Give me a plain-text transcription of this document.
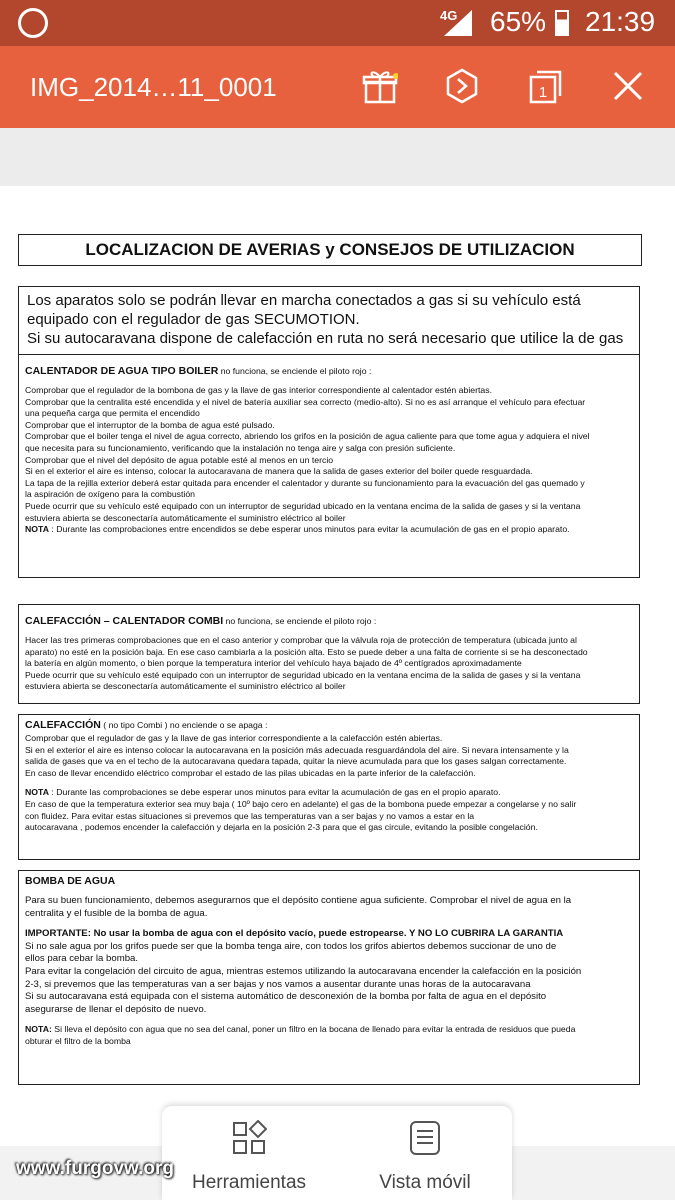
4G 65% 21:39
IMG_2014…11_0001	1
LOCALIZACION DE AVERIAS y CONSEJOS DE UTILIZACION
Los aparatos solo se podrán llevar en marcha conectados a gas si su vehículo está
equipado con el regulador de gas SECUMOTION.
Si su autocaravana dispone de calefacción en ruta no será necesario que utilice la de gas
CALENTADOR DE AGUA TIPO BOILER no funciona, se enciende el piloto rojo :
Comprobar que el regulador de la bombona de gas y la llave de gas interior correspondiente al calentador estén abiertas.
Comprobar que la centralita esté encendida y el nivel de batería auxiliar sea correcto (medio-alto). Si no es así arranque el vehículo para efectuar
una pequeña carga que permita el encendido
Comprobar que el interruptor de la bomba de agua esté pulsado.
Comprobar que el boiler tenga el nivel de agua correcto, abriendo los grifos en la posición de agua caliente para que tome agua y adquiera el nivel
que necesita para su funcionamiento, verificando que la instalación no tenga aire y salga con presión suficiente.
Comprobar que el nivel del depósito de agua potable esté al menos en un tercio
Si en el exterior el aire es intenso, colocar la autocaravana de manera que la salida de gases exterior del boiler quede resguardada.
La tapa de la rejilla exterior deberá estar quitada para encender el calentador y durante su funcionamiento para la evacuación del gas quemado y
la aspiración de oxígeno para la combustión
Puede ocurrir que su vehículo esté equipado con un interruptor de seguridad ubicado en la ventana encima de la salida de gases y si la ventana
estuviera abierta se desconectaría automáticamente el suministro eléctrico al boiler
NOTA : Durante las comprobaciones entre encendidos se debe esperar unos minutos para evitar la acumulación de gas en el propio aparato.
CALEFACCIÓN – CALENTADOR COMBI no funciona, se enciende el piloto rojo :
Hacer las tres primeras comprobaciones que en el caso anterior y comprobar que la válvula roja de protección de temperatura (ubicada junto al
aparato) no esté en la posición baja. En ese caso cambiarla a la posición alta. Esto se puede deber a una falta de corriente si se ha desconectado
la batería en algún momento, o bien porque la temperatura interior del vehículo haya bajado de 4º centígrados aproximadamente
Puede ocurrir que su vehículo esté equipado con un interruptor de seguridad ubicado en la ventana encima de la salida de gases y si la ventana
estuviera abierta se desconectaría automáticamente el suministro eléctrico al boiler
CALEFACCIÓN ( no tipo Combi ) no enciende o se apaga :
Comprobar que el regulador de gas y la llave de gas interior correspondiente a la calefacción estén abiertas.
Si en el exterior el aire es intenso colocar la autocaravana en la posición más adecuada resguardándola del aire. Si nevara intensamente y la
salida de gases que va en el techo de la autocaravana quedara tapada, quitar la nieve acumulada para que los gases salgan correctamente.
En caso de llevar encendido eléctrico comprobar el estado de las pilas ubicadas en la parte inferior de la calefacción.
NOTA : Durante las comprobaciones se debe esperar unos minutos para evitar la acumulación de gas en el propio aparato.
En caso de que la temperatura exterior sea muy baja ( 10º bajo cero en adelante) el gas de la bombona puede empezar a congelarse y no salir
con fluidez. Para evitar estas situaciones si prevemos que las temperaturas van a ser bajas y no vamos a estar en la
autocaravana , podemos encender la calefacción y dejarla en la posición 2-3 para que el gas circule, evitando la posible congelación.
BOMBA DE AGUA
Para su buen funcionamiento, debemos asegurarnos que el depósito contiene agua suficiente. Comprobar el nivel de agua en la
centralita y el fusible de la bomba de agua.
IMPORTANTE: No usar la bomba de agua con el depósito vacío, puede estropearse. Y NO LO CUBRIRA LA GARANTIA
Si no sale agua por los grifos puede ser que la bomba tenga aire, con todos los grifos abiertos debemos succionar de uno de
ellos para cebar la bomba.
Para evitar la congelación del circuito de agua, mientras estemos utilizando la autocaravana encender la calefacción en la posición
2-3, si prevemos que las temperaturas van a ser bajas y nos vamos a ausentar durante unas horas de la autocaravana
Si su autocaravana está equipada con el sistema automático de desconexión de la bomba por falta de agua en el depósito
asegurarse de llenar el depósito de nuevo.
NOTA: Si lleva el depósito con agua que no sea del canal, poner un filtro en la bocana de llenado para evitar la entrada de residuos que pueda
obturar el filtro de la bomba
Herramientas	Vista móvil
www.furgovw.org
